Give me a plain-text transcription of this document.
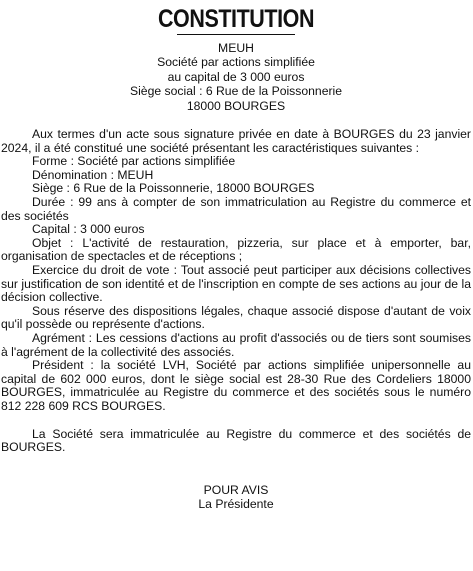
CONSTITUTION
MEUH
Société par actions simplifiée
au capital de 3 000 euros
Siège social : 6 Rue de la Poissonnerie
18000 BOURGES

Aux termes d'un acte sous signature privée en date à BOURGES du 23 janvier 2024, il a été constitué une société présentant les caractéristiques suivantes :

Forme : Société par actions simplifiée

Dénomination : MEUH

Siège : 6 Rue de la Poissonnerie, 18000 BOURGES

Durée : 99 ans à compter de son immatriculation au Registre du commerce et des sociétés

Capital : 3 000 euros

Objet : L'activité de restauration, pizzeria, sur place et à emporter, bar, organisation de spectacles et de réceptions ;

Exercice du droit de vote : Tout associé peut participer aux décisions collectives sur justification de son identité et de l'inscription en compte de ses actions au jour de la décision collective.

Sous réserve des dispositions légales, chaque associé dispose d'autant de voix qu'il possède ou représente d'actions.

Agrément : Les cessions d'actions au profit d'associés ou de tiers sont soumises à l'agrément de la collectivité des associés.

Président : la société LVH, Société par actions simplifiée unipersonnelle au capital de 602 000 euros, dont le siège social est 28-30 Rue des Cordeliers 18000 BOURGES, immatriculée au Registre du commerce et des sociétés sous le numéro 812 228 609 RCS BOURGES.

La Société sera immatriculée au Registre du commerce et des sociétés de BOURGES.

POUR AVIS
La Présidente
